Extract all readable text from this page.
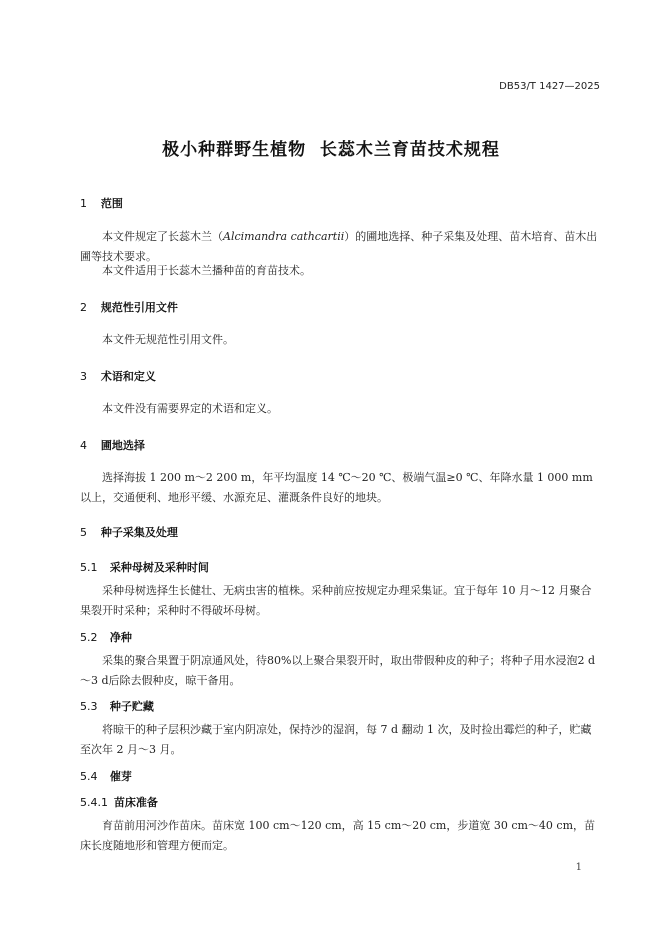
DB53/T 1427—2025
极小种群野生植物  长蕊木兰育苗技术规程
1 范围
本文件规定了长蕊木兰（Alcimandra cathcartii）的圃地选择、种子采集及处理、苗木培育、苗木出圃等技术要求。
本文件适用于长蕊木兰播种苗的育苗技术。
2 规范性引用文件
本文件无规范性引用文件。
3 术语和定义
本文件没有需要界定的术语和定义。
4 圃地选择
选择海拔 1 200 m～2 200 m，年平均温度 14 ℃～20 ℃、极端气温≥0 ℃、年降水量 1 000 mm以上，交通便利、地形平缓、水源充足、灌溉条件良好的地块。
5 种子采集及处理
5.1 采种母树及采种时间
采种母树选择生长健壮、无病虫害的植株。采种前应按规定办理采集证。宜于每年 10 月～12 月聚合果裂开时采种；采种时不得破坏母树。
5.2 净种
采集的聚合果置于阴凉通风处，待80%以上聚合果裂开时，取出带假种皮的种子；将种子用水浸泡2 d～3 d后除去假种皮，晾干备用。
5.3 种子贮藏
将晾干的种子层积沙藏于室内阴凉处，保持沙的湿润，每 7 d 翻动 1 次，及时捡出霉烂的种子，贮藏至次年 2 月～3 月。
5.4 催芽
5.4.1 苗床准备
育苗前用河沙作苗床。苗床宽 100 cm～120 cm，高 15 cm～20 cm，步道宽 30 cm～40 cm，苗床长度随地形和管理方便而定。
1
